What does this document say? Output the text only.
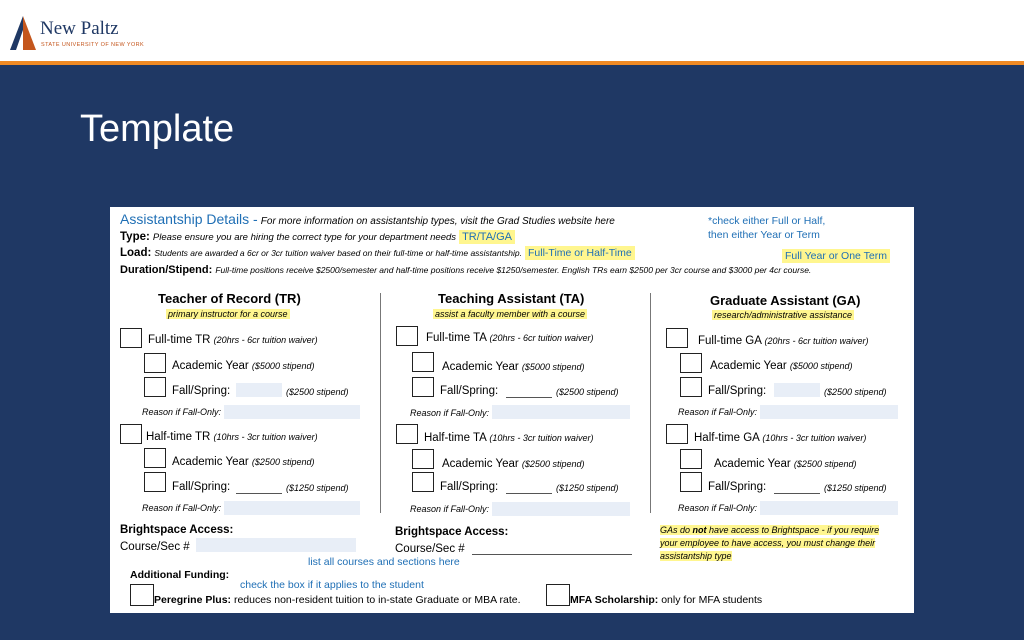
New Paltz
STATE UNIVERSITY OF NEW YORK
Template
Assistantship Details - For more information on assistantship types, visit the Grad Studies website here	*check either Full or Half,
then either Year or Term
Type: Please ensure you are hiring the correct type for your department needs TR/TA/GA
Load: Students are awarded a 6cr or 3cr tuition waiver based on their full-time or half-time assistantship. Full-Time or Half-Time	Full Year or One Term
Duration/Stipend: Full-time positions receive $2500/semester and half-time positions receive $1250/semester. English TRs earn $2500 per 3cr course and $3000 per 4cr course.
Teacher of Record (TR)
primary instructor for a course
Full-time TR (20hrs - 6cr tuition waiver)
Academic Year ($5000 stipend)
Fall/Spring:	($2500 stipend)
Reason if Fall-Only:
Half-time TR (10hrs - 3cr tuition waiver)
Academic Year ($2500 stipend)
Fall/Spring:	($1250 stipend)
Reason if Fall-Only:
Teaching Assistant (TA)
assist a faculty member with a course
Full-time TA (20hrs - 6cr tuition waiver)
Academic Year ($5000 stipend)
Fall/Spring:	($2500 stipend)
Reason if Fall-Only:
Half-time TA (10hrs - 3cr tuition waiver)
Academic Year ($2500 stipend)
Fall/Spring:	($1250 stipend)
Reason if Fall-Only:
Graduate Assistant (GA)
research/administrative assistance
Full-time GA (20hrs - 6cr tuition waiver)
Academic Year ($5000 stipend)
Fall/Spring:	($2500 stipend)
Reason if Fall-Only:
Half-time GA (10hrs - 3cr tuition waiver)
Academic Year ($2500 stipend)
Fall/Spring:	($1250 stipend)
Reason if Fall-Only:
Brightspace Access:
Course/Sec #
Brightspace Access:
Course/Sec #
list all courses and sections here
GAs do not have access to Brightspace - if you require
your employee to have access, you must change their
assistantship type
Additional Funding:
check the box if it applies to the student
Peregrine Plus: reduces non-resident tuition to in-state Graduate or MBA rate.	MFA Scholarship: only for MFA students
